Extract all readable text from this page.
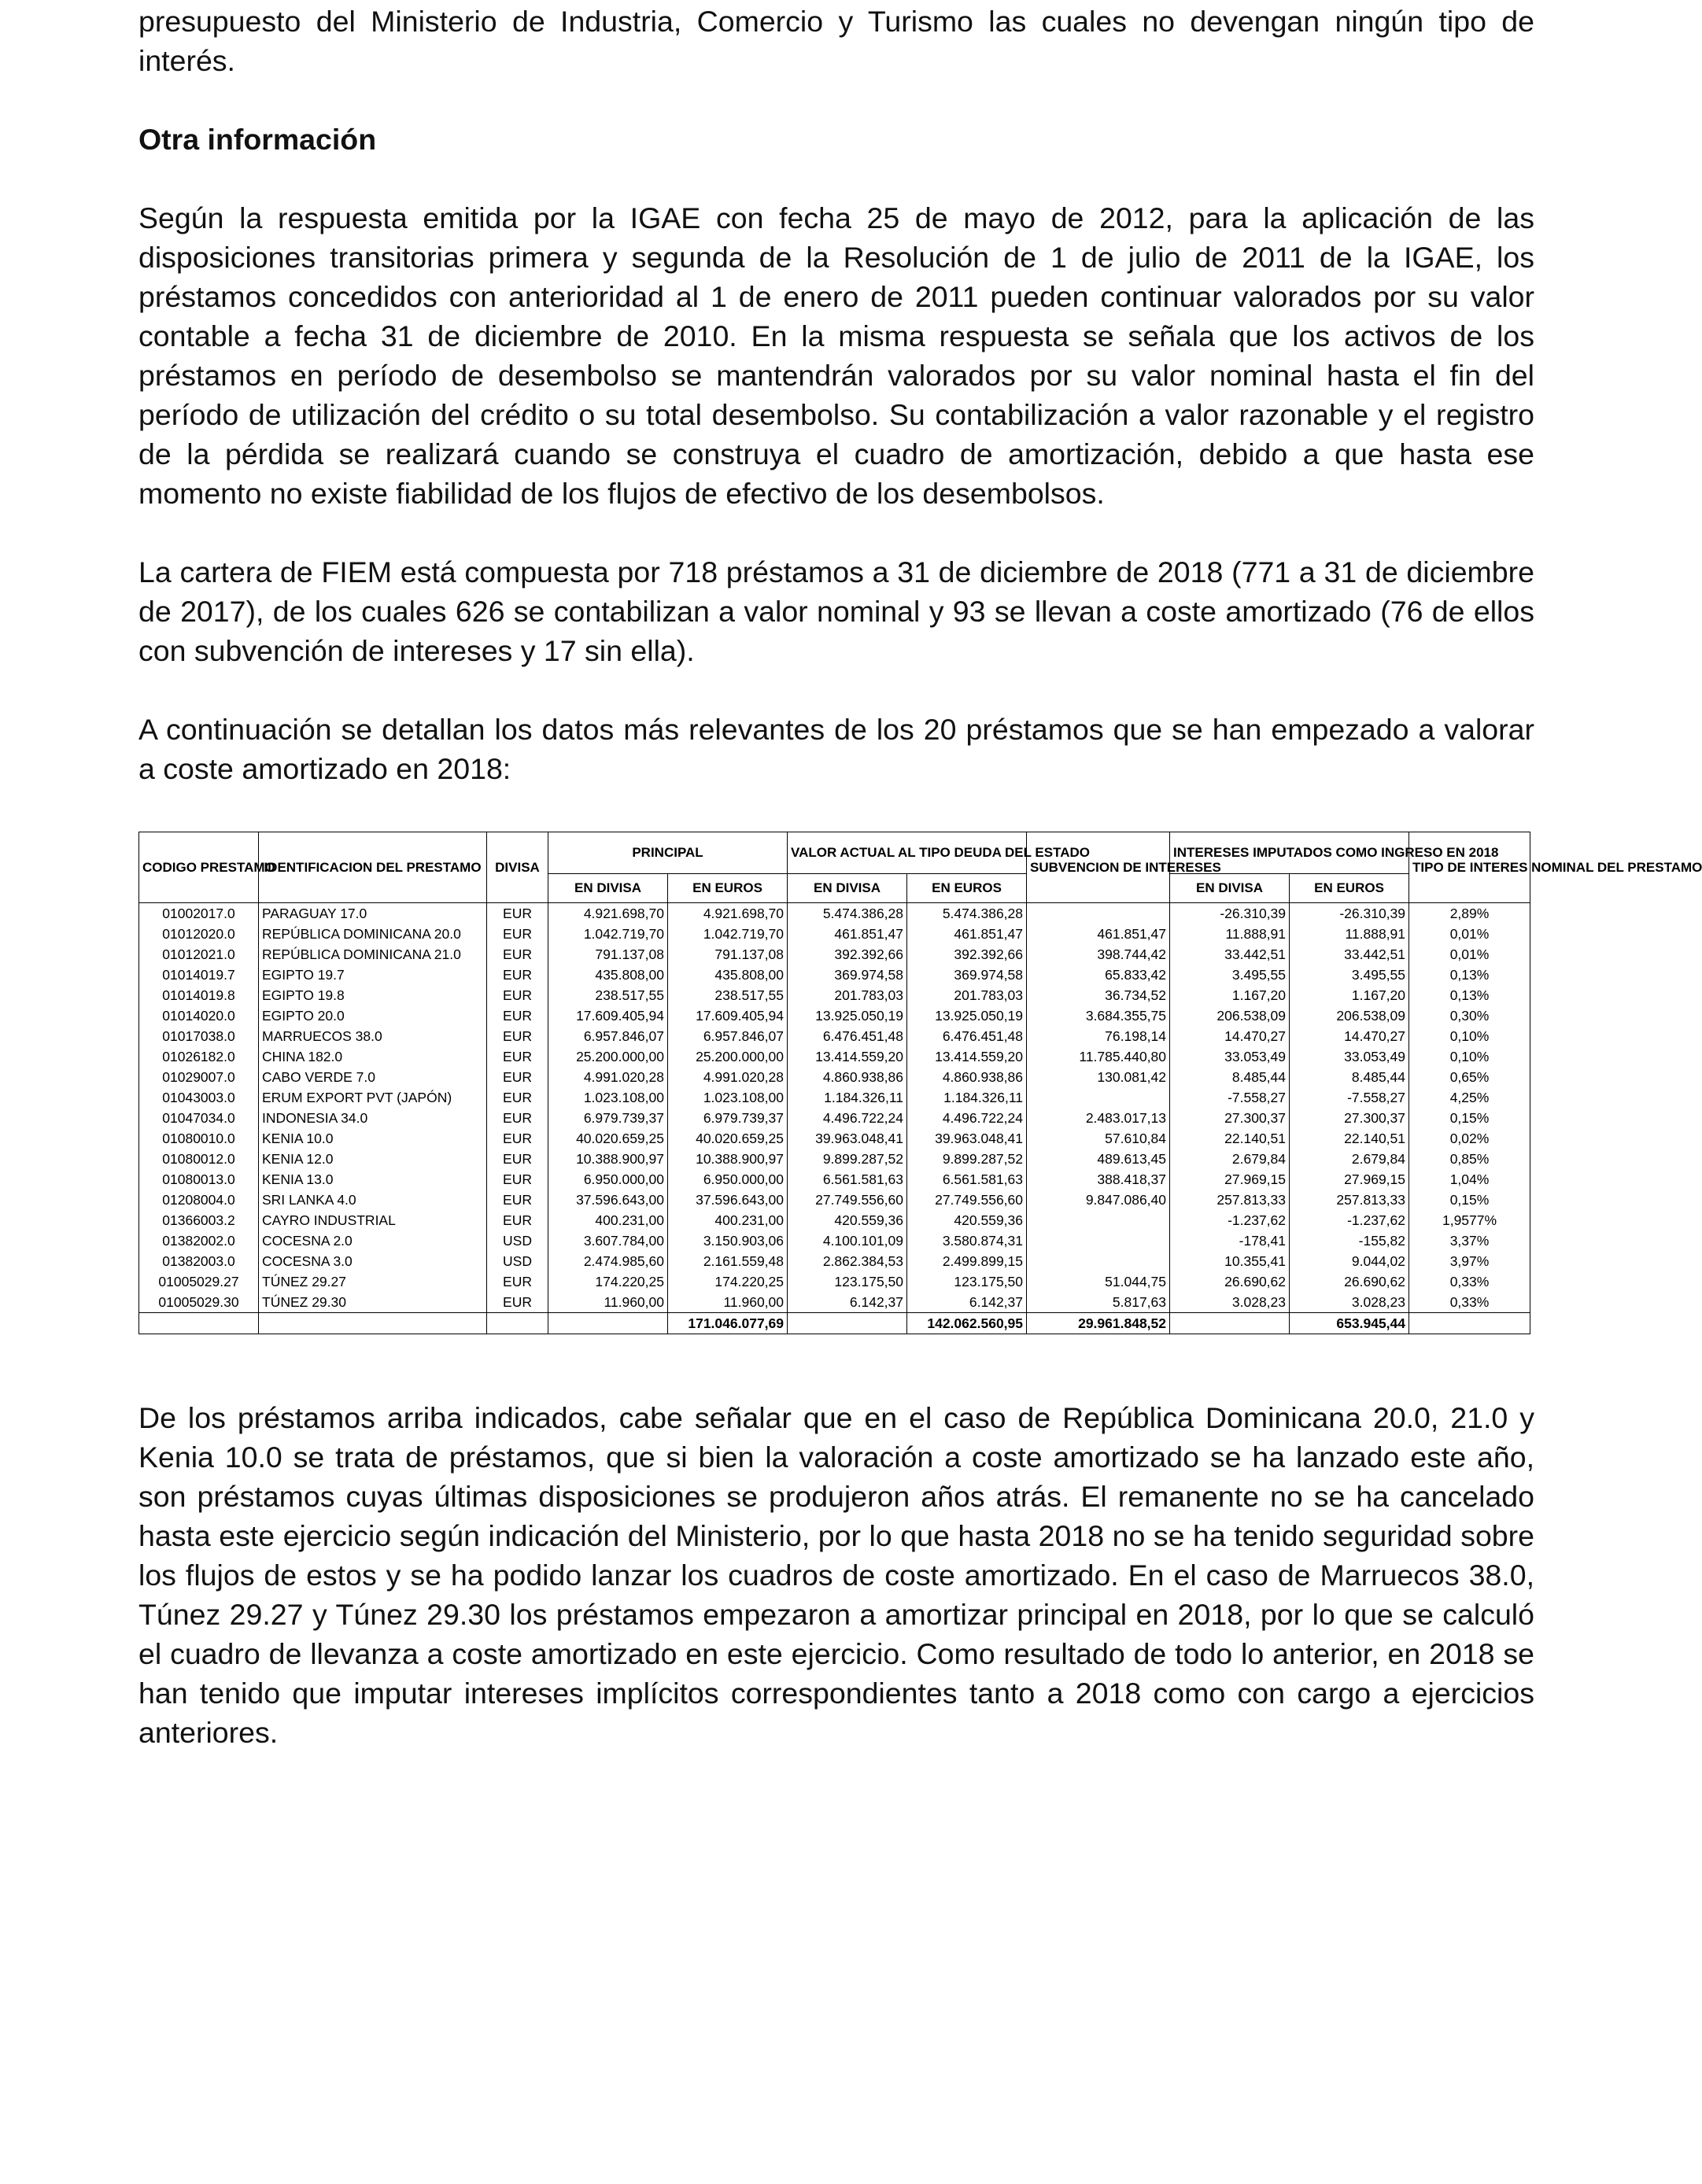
presupuesto del Ministerio de Industria, Comercio y Turismo las cuales no devengan ningún tipo de interés.

Otra información

Según la respuesta emitida por la IGAE con fecha 25 de mayo de 2012, para la aplicación de las disposiciones transitorias primera y segunda de la Resolución de 1 de julio de 2011 de la IGAE, los préstamos concedidos con anterioridad al 1 de enero de 2011 pueden continuar valorados por su valor contable a fecha 31 de diciembre de 2010. En la misma respuesta se señala que los activos de los préstamos en período de desembolso se mantendrán valorados por su valor nominal hasta el fin del período de utilización del crédito o su total desembolso. Su contabilización a valor razonable y el registro de la pérdida se realizará cuando se construya el cuadro de amortización, debido a que hasta ese momento no existe fiabilidad de los flujos de efectivo de los desembolsos.

La cartera de FIEM está compuesta por 718 préstamos a 31 de diciembre de 2018 (771 a 31 de diciembre de 2017), de los cuales 626 se contabilizan a valor nominal y 93 se llevan a coste amortizado (76 de ellos con subvención de intereses y 17 sin ella).

A continuación se detallan los datos más relevantes de los 20 préstamos que se han empezado a valorar a coste amortizado en 2018:

CODIGO PRESTAMO	IDENTIFICACION DEL PRESTAMO	DIVISA	PRINCIPAL		VALOR ACTUAL AL TIPO DEUDA DEL ESTADO		SUBVENCION DE INTERESES	INTERESES IMPUTADOS COMO INGRESO EN 2018		TIPO DE INTERES NOMINAL DEL PRESTAMO
			EN DIVISA	EN EUROS	EN DIVISA	EN EUROS		EN DIVISA	EN EUROS	
01002017.0	PARAGUAY 17.0	EUR	4.921.698,70	4.921.698,70	5.474.386,28	5.474.386,28		-26.310,39	-26.310,39	2,89%
01012020.0	REPÚBLICA DOMINICANA 20.0	EUR	1.042.719,70	1.042.719,70	461.851,47	461.851,47	461.851,47	11.888,91	11.888,91	0,01%
01012021.0	REPÚBLICA DOMINICANA 21.0	EUR	791.137,08	791.137,08	392.392,66	392.392,66	398.744,42	33.442,51	33.442,51	0,01%
01014019.7	EGIPTO 19.7	EUR	435.808,00	435.808,00	369.974,58	369.974,58	65.833,42	3.495,55	3.495,55	0,13%
01014019.8	EGIPTO 19.8	EUR	238.517,55	238.517,55	201.783,03	201.783,03	36.734,52	1.167,20	1.167,20	0,13%
01014020.0	EGIPTO 20.0	EUR	17.609.405,94	17.609.405,94	13.925.050,19	13.925.050,19	3.684.355,75	206.538,09	206.538,09	0,30%
01017038.0	MARRUECOS 38.0	EUR	6.957.846,07	6.957.846,07	6.476.451,48	6.476.451,48	76.198,14	14.470,27	14.470,27	0,10%
01026182.0	CHINA 182.0	EUR	25.200.000,00	25.200.000,00	13.414.559,20	13.414.559,20	11.785.440,80	33.053,49	33.053,49	0,10%
01029007.0	CABO VERDE 7.0	EUR	4.991.020,28	4.991.020,28	4.860.938,86	4.860.938,86	130.081,42	8.485,44	8.485,44	0,65%
01043003.0	ERUM EXPORT PVT (JAPÓN)	EUR	1.023.108,00	1.023.108,00	1.184.326,11	1.184.326,11		-7.558,27	-7.558,27	4,25%
01047034.0	INDONESIA 34.0	EUR	6.979.739,37	6.979.739,37	4.496.722,24	4.496.722,24	2.483.017,13	27.300,37	27.300,37	0,15%
01080010.0	KENIA 10.0	EUR	40.020.659,25	40.020.659,25	39.963.048,41	39.963.048,41	57.610,84	22.140,51	22.140,51	0,02%
01080012.0	KENIA 12.0	EUR	10.388.900,97	10.388.900,97	9.899.287,52	9.899.287,52	489.613,45	2.679,84	2.679,84	0,85%
01080013.0	KENIA 13.0	EUR	6.950.000,00	6.950.000,00	6.561.581,63	6.561.581,63	388.418,37	27.969,15	27.969,15	1,04%
01208004.0	SRI LANKA 4.0	EUR	37.596.643,00	37.596.643,00	27.749.556,60	27.749.556,60	9.847.086,40	257.813,33	257.813,33	0,15%
01366003.2	CAYRO INDUSTRIAL	EUR	400.231,00	400.231,00	420.559,36	420.559,36		-1.237,62	-1.237,62	1,9577%
01382002.0	COCESNA 2.0	USD	3.607.784,00	3.150.903,06	4.100.101,09	3.580.874,31		-178,41	-155,82	3,37%
01382003.0	COCESNA 3.0	USD	2.474.985,60	2.161.559,48	2.862.384,53	2.499.899,15		10.355,41	9.044,02	3,97%
01005029.27	TÚNEZ 29.27	EUR	174.220,25	174.220,25	123.175,50	123.175,50	51.044,75	26.690,62	26.690,62	0,33%
01005029.30	TÚNEZ 29.30	EUR	11.960,00	11.960,00	6.142,37	6.142,37	5.817,63	3.028,23	3.028,23	0,33%
				171.046.077,69		142.062.560,95	29.961.848,52		653.945,44	

De los préstamos arriba indicados, cabe señalar que en el caso de República Dominicana 20.0, 21.0 y Kenia 10.0 se trata de préstamos, que si bien la valoración a coste amortizado se ha lanzado este año, son préstamos cuyas últimas disposiciones se produjeron años atrás. El remanente no se ha cancelado hasta este ejercicio según indicación del Ministerio, por lo que hasta 2018 no se ha tenido seguridad sobre los flujos de estos y se ha podido lanzar los cuadros de coste amortizado. En el caso de Marruecos 38.0, Túnez 29.27 y Túnez 29.30 los préstamos empezaron a amortizar principal en 2018, por lo que se calculó el cuadro de llevanza a coste amortizado en este ejercicio. Como resultado de todo lo anterior, en 2018 se han tenido que imputar intereses implícitos correspondientes tanto a 2018 como con cargo a ejercicios anteriores.
